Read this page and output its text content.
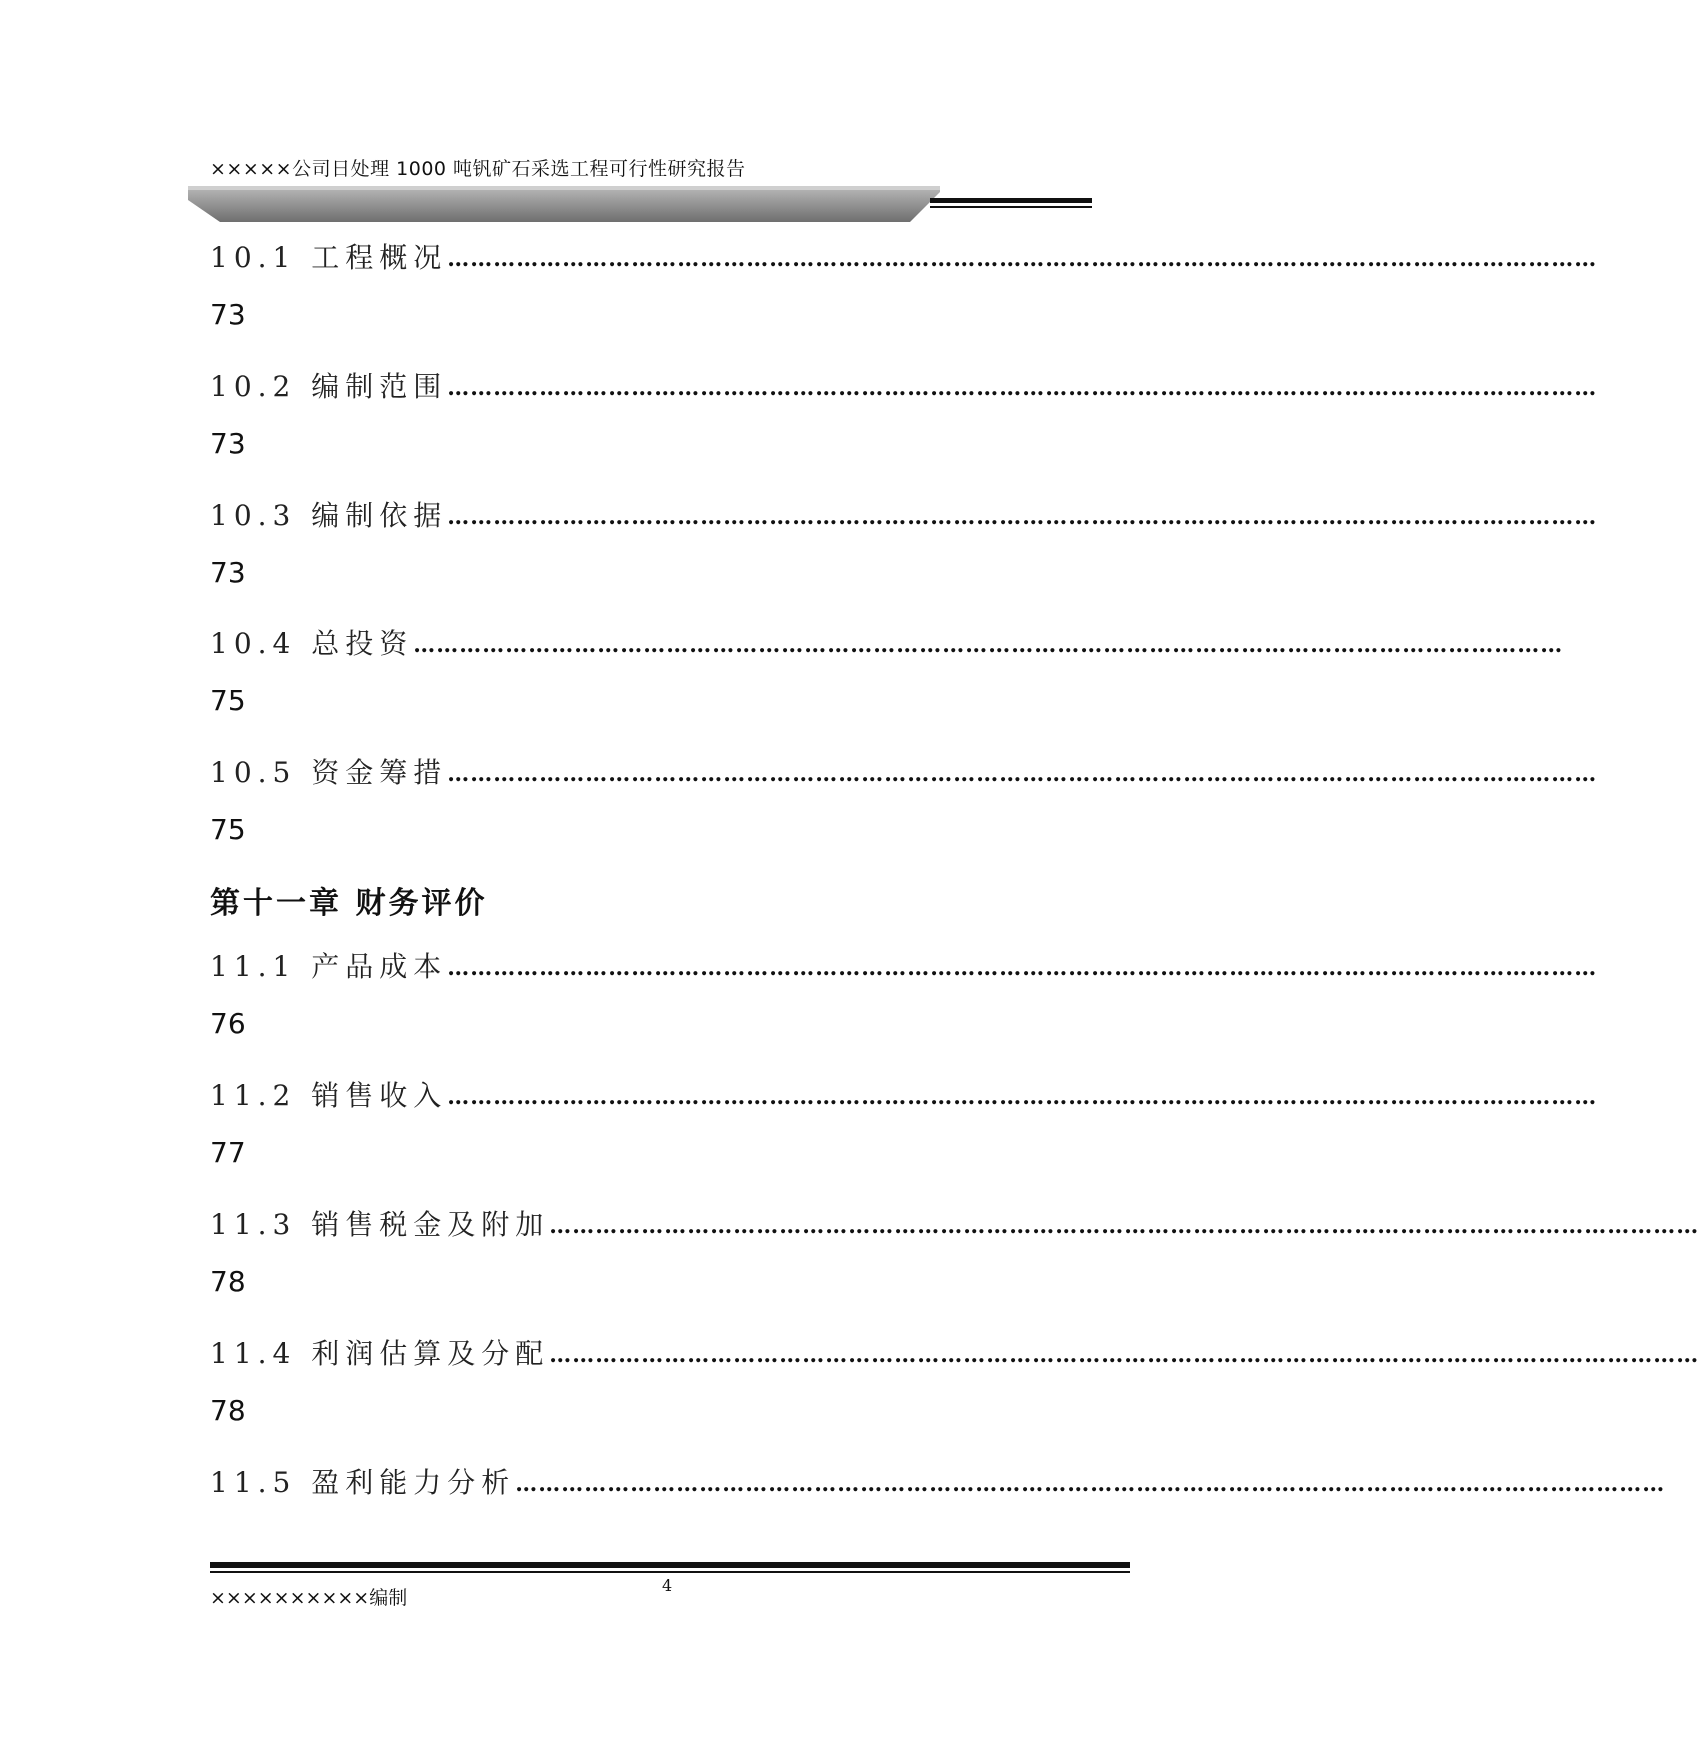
×××××公司日处理 1000 吨钒矿石采选工程可行性研究报告
10.1 工程概况 ……………………………………………………………………………………………………………………………………
73
10.2 编制范围 ……………………………………………………………………………………………………………………………………
73
10.3 编制依据 ……………………………………………………………………………………………………………………………………
73
10.4 总投资 ……………………………………………………………………………………………………………………………………
75
10.5 资金筹措 ……………………………………………………………………………………………………………………………………
75
第十一章 财务评价
11.1 产品成本 ……………………………………………………………………………………………………………………………………
76
11.2 销售收入 ……………………………………………………………………………………………………………………………………
77
11.3 销售税金及附加 ……………………………………………………………………………………………………………………………………
78
11.4 利润估算及分配 ……………………………………………………………………………………………………………………………………
78
11.5 盈利能力分析 ……………………………………………………………………………………………………………………………………
××××××××××编制
4
